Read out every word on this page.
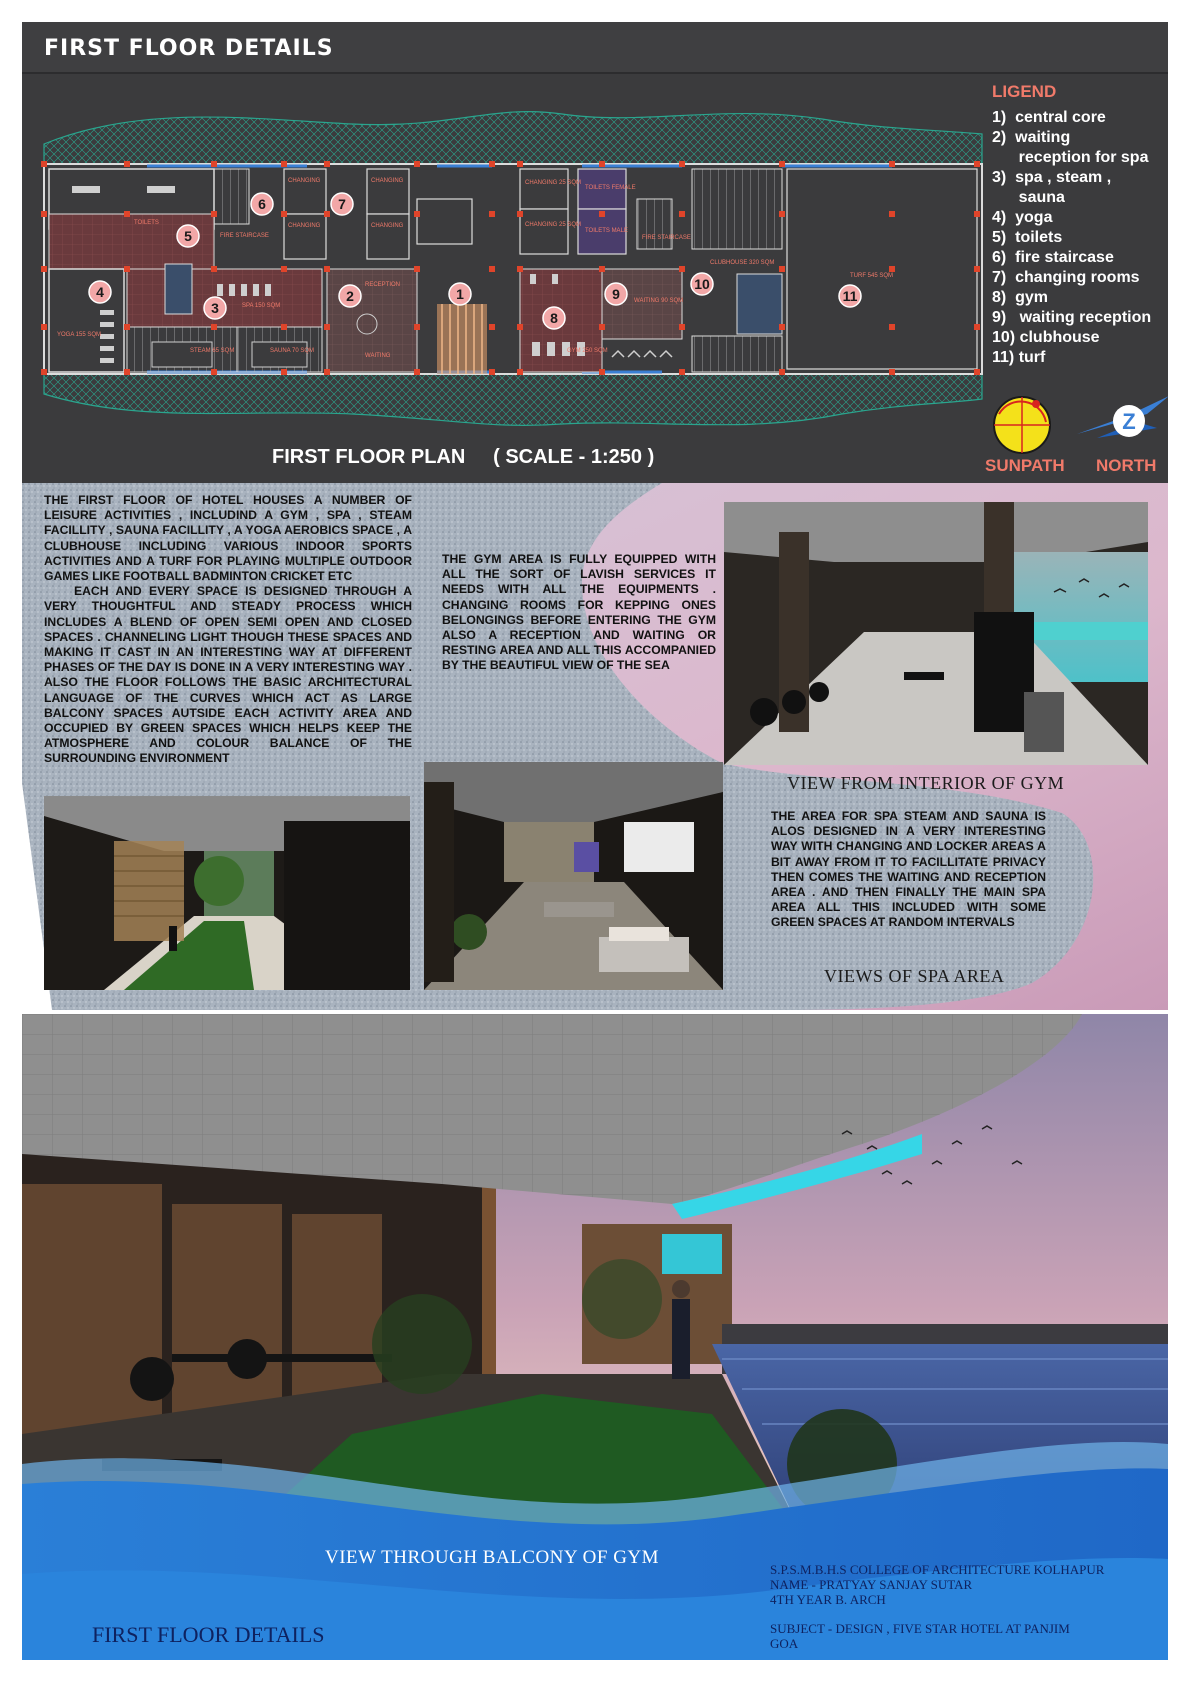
FIRST FLOOR DETAILS
TOILETS
SPA 150 SQM
YOGA 155 SQM
STEAM 65 SQM	SAUNA 70 SQM
FIRE STAIRCASE
CHANGING
CHANGING
CHANGING
CHANGING
RECEPTION
WAITING
CHANGING 25 SQM
CHANGING 25 SQM
TOILETS FEMALE
TOILETS MALE
FIRE STAIRCASE
GYM 250 SQM
WAITING 90 SQM
CLUBHOUSE 320 SQM
TURF 545 SQM
1
2
3
4
5
6	7
8
9
10
11
FIRST FLOOR PLAN     ( SCALE - 1:250 )
LIGEND
1)  central core
2)  waiting
reception for spa
3)  spa , steam ,
sauna
4)  yoga
5)  toilets
6)  fire staircase
7)  changing rooms
8)  gym
9)   waiting reception
10) clubhouse
11) turf
Z
SUNPATH NORTH

THE FIRST FLOOR OF HOTEL HOUSES A NUMBER OF LEISURE ACTIVITIES , INCLUDIND A GYM , SPA , STEAM FACILLITY , SAUNA FACILLITY , A YOGA AEROBICS SPACE , A CLUBHOUSE INCLUDING VARIOUS INDOOR SPORTS ACTIVITIES AND A TURF FOR PLAYING MULTIPLE OUTDOOR GAMES LIKE FOOTBALL BADMINTON CRICKET ETC

EACH AND EVERY SPACE IS DESIGNED THROUGH A VERY THOUGHTFUL AND STEADY PROCESS WHICH INCLUDES A BLEND OF OPEN SEMI OPEN AND CLOSED SPACES . CHANNELING LIGHT THOUGH THESE SPACES AND MAKING IT CAST IN AN INTERESTING WAY AT DIFFERENT PHASES OF THE DAY IS DONE IN A VERY INTERESTING WAY . ALSO THE FLOOR FOLLOWS THE BASIC ARCHITECTURAL LANGUAGE OF THE CURVES WHICH ACT AS LARGE BALCONY SPACES AUTSIDE EACH ACTIVITY AREA AND OCCUPIED BY GREEN SPACES WHICH HELPS KEEP THE ATMOSPHERE AND COLOUR BALANCE OF THE SURROUNDING ENVIRONMENT

THE GYM AREA IS FULLY EQUIPPED WITH ALL THE SORT OF LAVISH SERVICES IT NEEDS WITH ALL THE EQUIPMENTS . CHANGING ROOMS FOR KEPPING ONES BELONGINGS BEFORE ENTERING THE GYM ALSO A RECEPTION AND WAITING OR RESTING AREA AND ALL THIS ACCOMPANIED BY THE BEAUTIFUL VIEW OF THE SEA
VIEW FROM INTERIOR OF GYM
THE AREA FOR SPA STEAM AND SAUNA IS ALOS DESIGNED IN A VERY INTERESTING WAY WITH CHANGING AND LOCKER AREAS A BIT AWAY FROM IT TO FACILLITATE PRIVACY THEN COMES THE WAITING AND RECEPTION AREA . AND THEN FINALLY THE MAIN SPA AREA ALL THIS INCLUDED WITH SOME GREEN SPACES AT RANDOM INTERVALS
VIEWS OF SPA AREA
VIEW THROUGH BALCONY OF GYM
S.P.S.M.B.H.S COLLEGE OF ARCHITECTURE KOLHAPUR
NAME - PRATYAY SANJAY SUTAR
4TH YEAR B. ARCH
SUBJECT - DESIGN , FIVE STAR HOTEL AT PANJIM
GOA
FIRST FLOOR DETAILS
